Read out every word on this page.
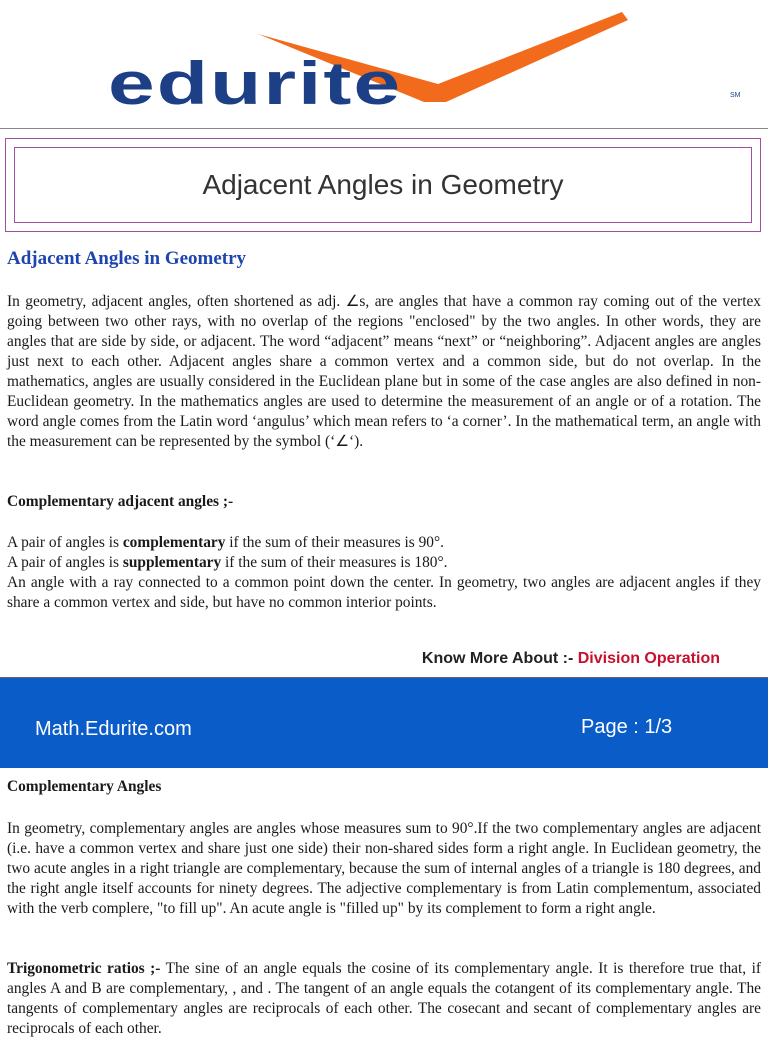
edurite	SM
Adjacent Angles in Geometry
Adjacent Angles in Geometry

In geometry, adjacent angles, often shortened as adj. ∠s, are angles that have a common ray coming out of the vertex going between two other rays, with no overlap of the regions "enclosed" by the two angles. In other words, they are angles that are side by side, or adjacent. The word “adjacent” means “next” or “neighboring”. Adjacent angles are angles just next to each other. Adjacent angles share a common vertex and a common side, but do not overlap. In the mathematics, angles are usually considered in the Euclidean plane but in some of the case angles are also defined in non- Euclidean geometry. In the mathematics angles are used to determine the measurement of an angle or of a rotation. The word angle comes from the Latin word ‘angulus’ which mean refers to ‘a corner’. In the mathematical term, an angle with the measurement can be represented by the symbol (‘∠‘).

Complementary adjacent angles ;-
A pair of angles is complementary if the sum of their measures is 90°.
A pair of angles is supplementary if the sum of their measures is 180°.
An angle with a ray connected to a common point down the center. In geometry, two angles are adjacent angles if they share a common vertex and side, but have no common interior points.
Know More About :- Division Operation
Math.Edurite.com	Page : 1/3
Complementary Angles

In geometry, complementary angles are angles whose measures sum to 90°.If the two complementary angles are adjacent (i.e. have a common vertex and share just one side) their non-shared sides form a right angle. In Euclidean geometry, the two acute angles in a right triangle are complementary, because the sum of internal angles of a triangle is 180 degrees, and the right angle itself accounts for ninety degrees. The adjective complementary is from Latin complementum, associated with the verb complere, "to fill up". An acute angle is "filled up" by its complement to form a right angle.

Trigonometric ratios ;- The sine of an angle equals the cosine of its complementary angle. It is therefore true that, if angles A and B are complementary, , and . The tangent of an angle equals the cotangent of its complementary angle. The tangents of complementary angles are reciprocals of each other. The cosecant and secant of complementary angles are reciprocals of each other.
